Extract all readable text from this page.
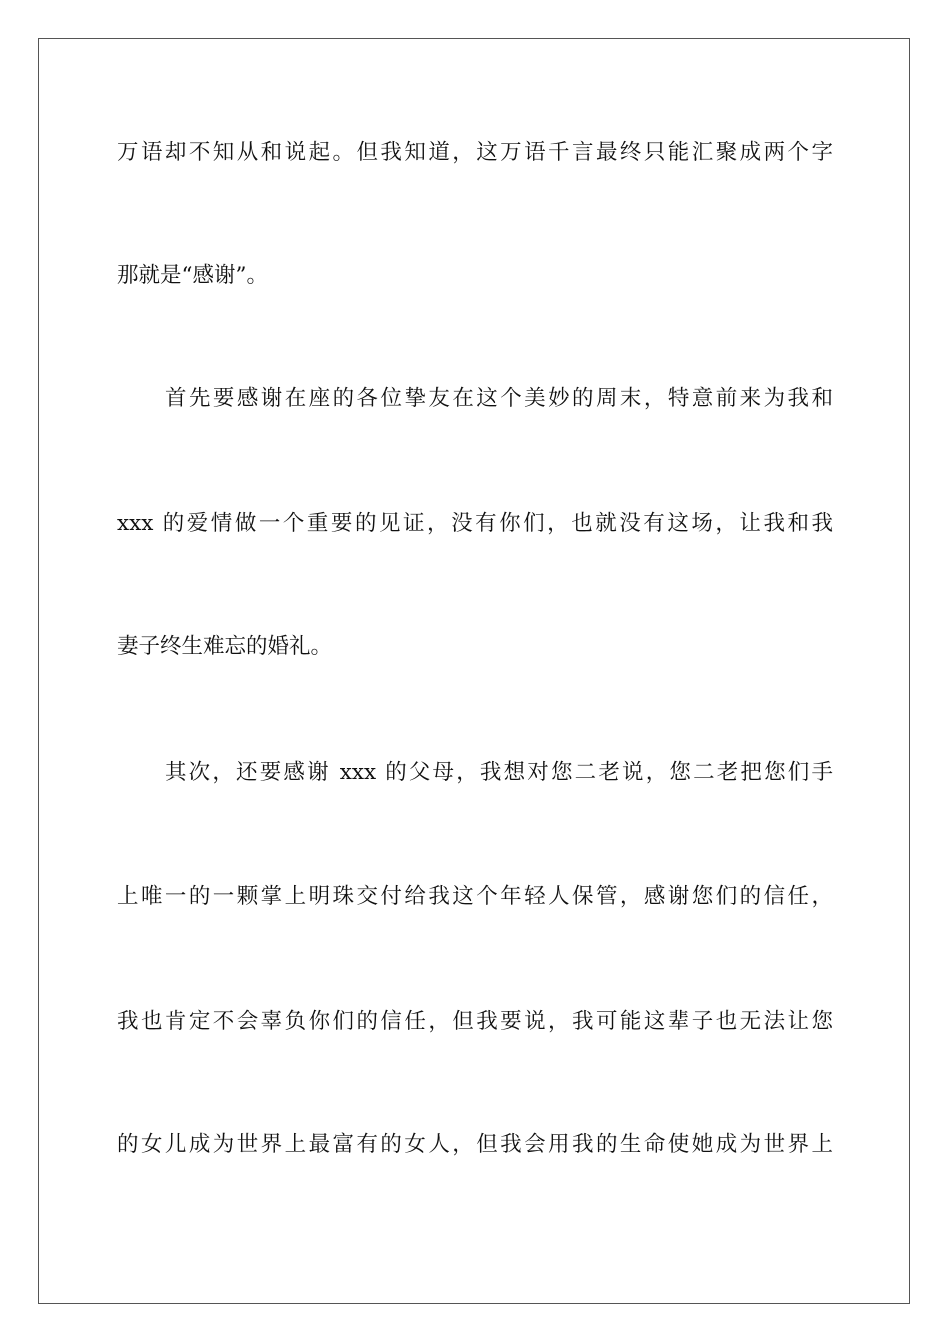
万语却不知从和说起。但我知道，这万语千言最终只能汇聚成两个字
那就是“感谢”。
首先要感谢在座的各位挚友在这个美妙的周末，特意前来为我和
xxx 的爱情做一个重要的见证，没有你们，也就没有这场，让我和我
妻子终生难忘的婚礼。
其次，还要感谢 xxx 的父母，我想对您二老说，您二老把您们手
上唯一的一颗掌上明珠交付给我这个年轻人保管，感谢您们的信任，
我也肯定不会辜负你们的信任，但我要说，我可能这辈子也无法让您
的女儿成为世界上最富有的女人，但我会用我的生命使她成为世界上
